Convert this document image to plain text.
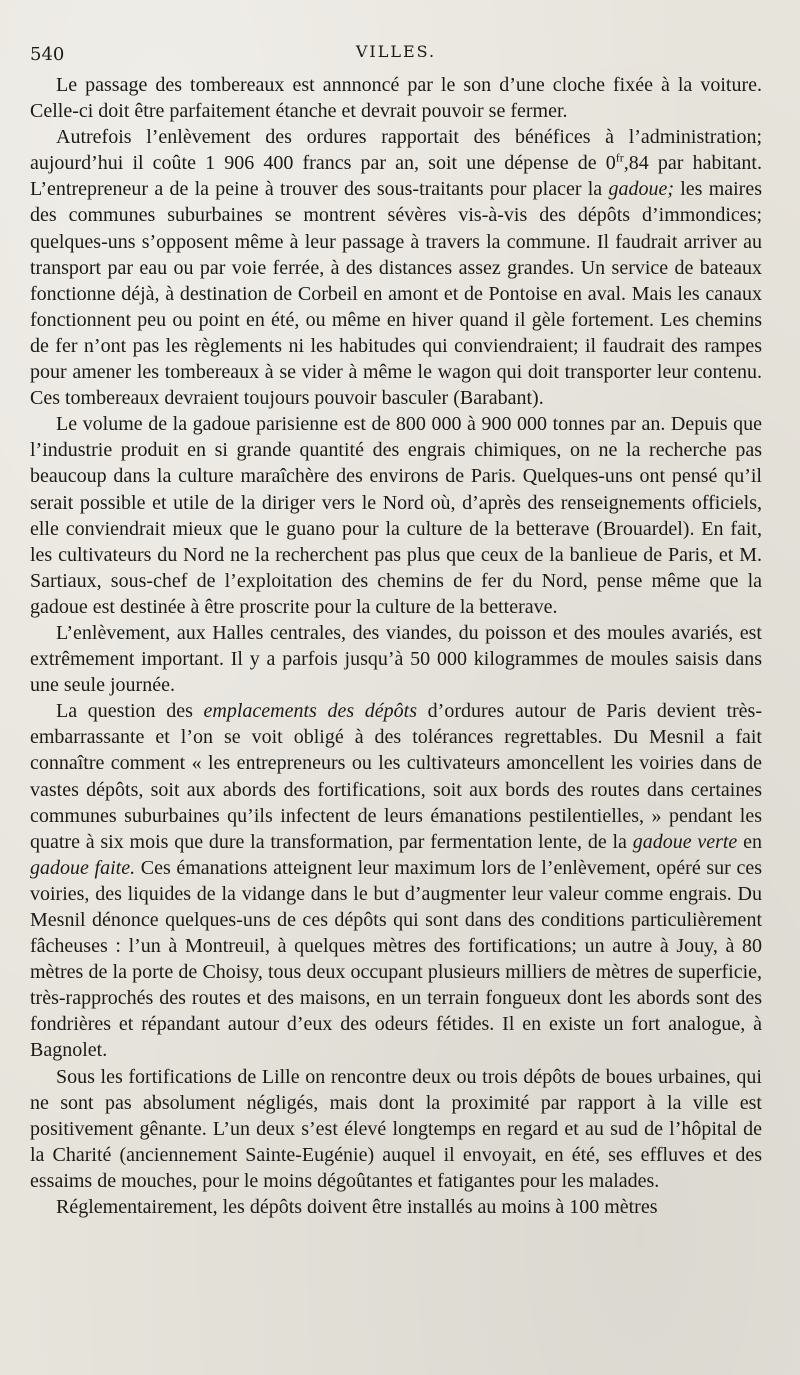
540	VILLES.

Le passage des tombereaux est annnoncé par le son d’une cloche fixée à la voiture. Celle-ci doit être parfaitement étanche et devrait pouvoir se fermer.

Autrefois l’enlèvement des ordures rapportait des bénéfices à l’administration; aujourd’hui il coûte 1 906 400 francs par an, soit une dépense de $0^{fr},84$ par habitant. L’entrepreneur a de la peine à trouver des sous-traitants pour placer la gadoue; les maires des communes suburbaines se montrent sévères vis-à-vis des dépôts d’immondices; quelques-uns s’opposent même à leur passage à travers la commune. Il faudrait arriver au transport par eau ou par voie ferrée, à des distances assez grandes. Un service de bateaux fonctionne déjà, à destination de Corbeil en amont et de Pontoise en aval. Mais les canaux fonctionnent peu ou point en été, ou même en hiver quand il gèle fortement. Les chemins de fer n’ont pas les règlements ni les habitudes qui conviendraient; il faudrait des rampes pour amener les tombereaux à se vider à même le wagon qui doit transporter leur contenu. Ces tombereaux devraient toujours pouvoir basculer (Barabant).

Le volume de la gadoue parisienne est de 800 000 à 900 000 tonnes par an. Depuis que l’industrie produit en si grande quantité des engrais chimiques, on ne la recherche pas beaucoup dans la culture maraîchère des environs de Paris. Quelques-uns ont pensé qu’il serait possible et utile de la diriger vers le Nord où, d’après des renseignements officiels, elle conviendrait mieux que le guano pour la culture de la betterave (Brouardel). En fait, les cultivateurs du Nord ne la recherchent pas plus que ceux de la banlieue de Paris, et M. Sartiaux, sous-chef de l’exploitation des chemins de fer du Nord, pense même que la gadoue est destinée à être proscrite pour la culture de la betterave.

L’enlèvement, aux Halles centrales, des viandes, du poisson et des moules avariés, est extrêmement important. Il y a parfois jusqu’à 50 000 kilogrammes de moules saisis dans une seule journée.

La question des emplacements des dépôts d’ordures autour de Paris devient très-embarrassante et l’on se voit obligé à des tolérances regrettables. Du Mesnil a fait connaître comment « les entrepreneurs ou les cultivateurs amoncellent les voiries dans de vastes dépôts, soit aux abords des fortifications, soit aux bords des routes dans certaines communes suburbaines qu’ils infectent de leurs émanations pestilentielles, » pendant les quatre à six mois que dure la transformation, par fermentation lente, de la gadoue verte en gadoue faite. Ces émanations atteignent leur maximum lors de l’enlèvement, opéré sur ces voiries, des liquides de la vidange dans le but d’augmenter leur valeur comme engrais. Du Mesnil dénonce quelques-uns de ces dépôts qui sont dans des conditions particulièrement fâcheuses : l’un à Montreuil, à quelques mètres des fortifications; un autre à Jouy, à 80 mètres de la porte de Choisy, tous deux occupant plusieurs milliers de mètres de superficie, très-rapprochés des routes et des maisons, en un terrain fongueux dont les abords sont des fondrières et répandant autour d’eux des odeurs fétides. Il en existe un fort analogue, à Bagnolet.

Sous les fortifications de Lille on rencontre deux ou trois dépôts de boues urbaines, qui ne sont pas absolument négligés, mais dont la proximité par rapport à la ville est positivement gênante. L’un deux s’est élevé longtemps en regard et au sud de l’hôpital de la Charité (anciennement Sainte-Eugénie) auquel il envoyait, en été, ses effluves et des essaims de mouches, pour le moins dégoûtantes et fatigantes pour les malades.

Réglementairement, les dépôts doivent être installés au moins à 100 mètres
